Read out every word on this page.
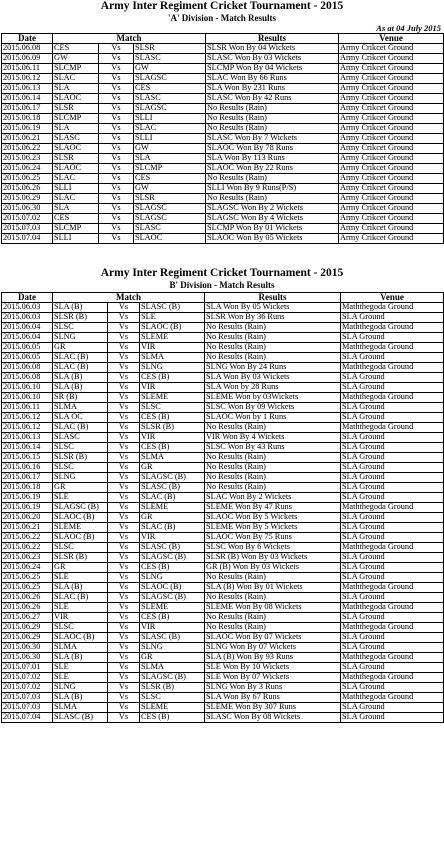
Army Inter Regiment Cricket Tournament - 2015
'A' Division - Match Results
As at 04 July 2015
Date	Match			Results	Venue
2015.06.08	CES	Vs	SLSR	SLSR Won By 04 Wickets	Army Crikcet Ground
2015.06.09	GW	Vs	SLASC	SLASC Won By 03 Wickets	Army Crikcet Ground
2015.06.11	SLCMP	Vs	GW	SLCMP Won By 04 Wickets	Army Crikcet Ground
2015.06.12	SLAC	Vs	SLAGSC	SLAC Won By 66 Runs	Army Crikcet Ground
2015.06.13	SLA	Vs	CES	SLA Won By 231 Runs	Army Crikcet Ground
2015.06.14	SLAOC	Vs	SLASC	SLASC Won By 42 Runs	Army Crikcet Ground
2015.06.17	SLSR	Vs	SLAGSC	No Results (Rain)	Army Crikcet Ground
2015.06.18	SLCMP	Vs	SLLI	No Results (Rain)	Army Crikcet Ground
2015.06.19	SLA	Vs	SLAC	No Results (Rain)	Army Crikcet Ground
2015.06.21	SLASC	Vs	SLLI	SLASC Won By 7 Wickets	Army Crikcet Ground
2015.06.22	SLAOC	Vs	GW	SLAOC Won By 78 Runs	Army Crikcet Ground
2015.06.23	SLSR	Vs	SLA	SLA Won By 113 Runs	Army Crikcet Ground
2015.06.24	SLAOC	Vs	SLCMP	SLAOC Won By 22 Runs	Army Crikcet Ground
2015.06.25	SLAC	Vs	CES	No Results (Rain)	Army Crikcet Ground
2015.06.26	SLLI	Vs	GW	SLLI Won By 9 Runs(P/S)	Army Crikcet Ground
2015.06.29	SLAC	Vs	SLSR	No Results (Rain)	Army Crikcet Ground
2015.06.30	SLA	Vs	SLAGSC	SLAGSC Won By 2 Wickets	Army Crikcet Ground
2015.07.02	CES	Vs	SLAGSC	SLAGSC Won By 4 Wickets	Army Crikcet Ground
2015.07.03	SLCMP	Vs	SLASC	SLCMP Won By 01 Wickets	Army Crikcet Ground
2015.07.04	SLLI	Vs	SLAOC	SLAOC Won By 05 Wickets	Army Crikcet Ground
Army Inter Regiment Cricket Tournament - 2015
B' Division - Match Results
Date	Match			Results	Venue
2015.06.03	SLA (B)	Vs	SLASC (B)	SLA Won By 05 Wickets	Maththegoda Ground
2015.06.03	SLSR (B)	Vs	SLE	SLSR Won By 36 Runs	SLA Ground
2015.06.04	SLSC	Vs	SLAOC (B)	No Results (Rain)	Maththegoda Ground
2015.06.04	SLNG	Vs	SLEME	No Results (Rain)	SLA Ground
2015.06.05	GR	Vs	VIR	No Results (Rain)	Maththegoda Ground
2015.06.05	SLAC (B)	Vs	SLMA	No Results (Rain)	SLA Ground
2015.06.08	SLAC (B)	Vs	SLNG	SLNG Won By 24 Runs	Maththegoda Ground
2015.06.08	SLA (B)	Vs	CES (B)	SLA Won By 03 Wickets	SLA Ground
2015.06.10	SLA (B)	Vs	VIR	SLA Won by 28 Runs	SLA Ground
2015.06.10	SR (B)	Vs	SLEME	SLEME Won by 03Wickets	Maththegoda Ground
2015.06.11	SLMA	Vs	SLSC	SLSC Won By 09 Wickets	SLA Ground
2015.06.12	SLA OC	Vs	CES (B)	SLAOC Won by 1 Runs	SLA Ground
2015.06.12	SLAC (B)	Vs	SLSR (B)	No Results (Rain)	Maththegoda Ground
2015.06.13	SLASC	Vs	VIR	VIR Won By 4 Wickets	SLA Ground
2015.06.14	SLSC	Vs	CES (B)	SLSC Won By 43 Runs	SLA Ground
2015.06.15	SLSR (B)	Vs	SLMA	No Results (Rain)	SLA Ground
2015.06.16	SLSC	Vs	GR	No Results (Rain)	SLA Ground
2015.06.17	SLNG	Vs	SLAGSC (B)	No Results (Rain)	SLA Ground
2015.06.18	GR	Vs	SLASC (B)	No Results (Rain)	SLA Ground
2015.06.19	SLE	Vs	SLAC (B)	SLAC Won By 2 Wickets	SLA Ground
2015.06.19	SLAGSC (B)	Vs	SLEME	SLEME Won By 47 Runs	Maththegoda Ground
2015.06.20	SLAOC (B)	Vs	GR	SLAOC Won By 5 Wickets	SLA Ground
2015.06.21	SLEME	Vs	SLAC (B)	SLEME Won By 5 Wickets	SLA Ground
2015.06.22	SLAOC (B)	Vs	VIR	SLAOC Won By 75 Runs	SLA Ground
2015.06.22	SLSC	Vs	SLASC (B)	SLSC Won By 6 Wickets	Maththegoda Ground
2015.06.23	SLSR (B)	Vs	SLAGSC (B)	SLSR (B) Won By 03 Wickets	SLA Ground
2015.06.24	GR	Vs	CES (B)	GR (B) Won By 03 Wickets	SLA Ground
2015.06.25	SLE	Vs	SLNG	No Results (Rain)	SLA Ground
2015.06.25	SLA (B)	Vs	SLAOC (B)	SLA (B) Won By 01 Wickets	Maththegoda Ground
2015.06.26	SLAC (B)	Vs	SLAGSC (B)	No Results (Rain)	SLA Ground
2015.06.26	SLE	Vs	SLEME	SLEME Won By 08 Wickets	Maththegoda Ground
2015.06.27	VIR	Vs	CES (B)	No Results (Rain)	SLA Ground
2015.06.29	SLSC	Vs	VIR	No Results (Rain)	Maththegoda Ground
2015.06.29	SLAOC (B)	Vs	SLASC (B)	SLAOC Won By 07 Wickets	SLA Ground
2015.06.30	SLMA	Vs	SLNG	SLNG Won By 07 Wickets	SLA Ground
2015.06.30	SLA (B)	Vs	GR	SLA (B) Won By 93 Runs	Maththegoda Ground
2015.07.01	SLE	Vs	SLMA	SLE Won By 10 Wickets	SLA Ground
2015.07.02	SLE	Vs	SLAGSC (B)	SLE Won By 07 Wickets	Maththegoda Ground
2015.07.02	SLNG	Vs	SLSR (B)	SLNG Won By 3 Runs	SLA Ground
2015.07.03	SLA (B)	Vs	SLSC	SLA Won By 67 Runs	Maththegoda Ground
2015.07.03	SLMA	Vs	SLEME	SLEME Won By 307 Runs	SLA Ground
2015.07.04	SLASC (B)	Vs	CES (B)	SLASC Won By 08 Wickets	SLA Ground
